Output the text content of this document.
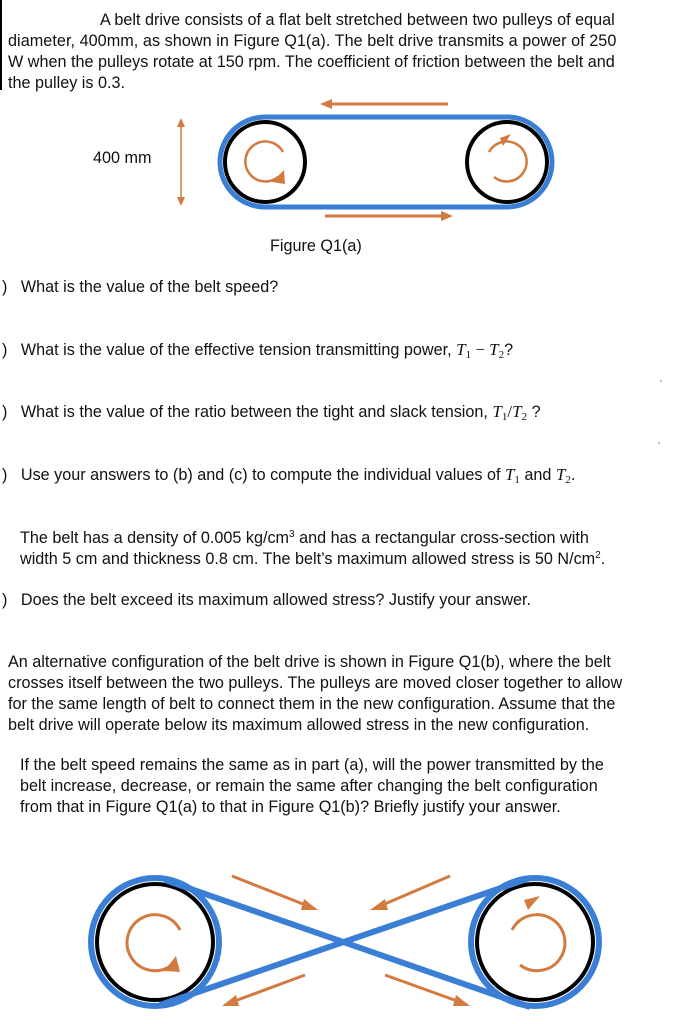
A belt drive consists of a flat belt stretched between two pulleys of equal
diameter, 400mm, as shown in Figure Q1(a). The belt drive transmits a power of 250
W when the pulleys rotate at 150 rpm. The coefficient of friction between the belt and
the pulley is 0.3.
400 mm
Figure Q1(a)
) What is the value of the belt speed?
) What is the value of the effective tension transmitting power, $T_1 - T_2$?
) What is the value of the ratio between the tight and slack tension, $T_1/T_2$ ?
) Use your answers to (b) and (c) to compute the individual values of $T_1$ and $T_2$.
The belt has a density of 0.005 $kg/cm^3$ and has a rectangular cross-section with
width 5 cm and thickness 0.8 cm. The belt’s maximum allowed stress is 50 $N/cm^2$.
) Does the belt exceed its maximum allowed stress? Justify your answer.
An alternative configuration of the belt drive is shown in Figure Q1(b), where the belt
crosses itself between the two pulleys. The pulleys are moved closer together to allow
for the same length of belt to connect them in the new configuration. Assume that the
belt drive will operate below its maximum allowed stress in the new configuration.
If the belt speed remains the same as in part (a), will the power transmitted by the
belt increase, decrease, or remain the same after changing the belt configuration
from that in Figure Q1(a) to that in Figure Q1(b)? Briefly justify your answer.
